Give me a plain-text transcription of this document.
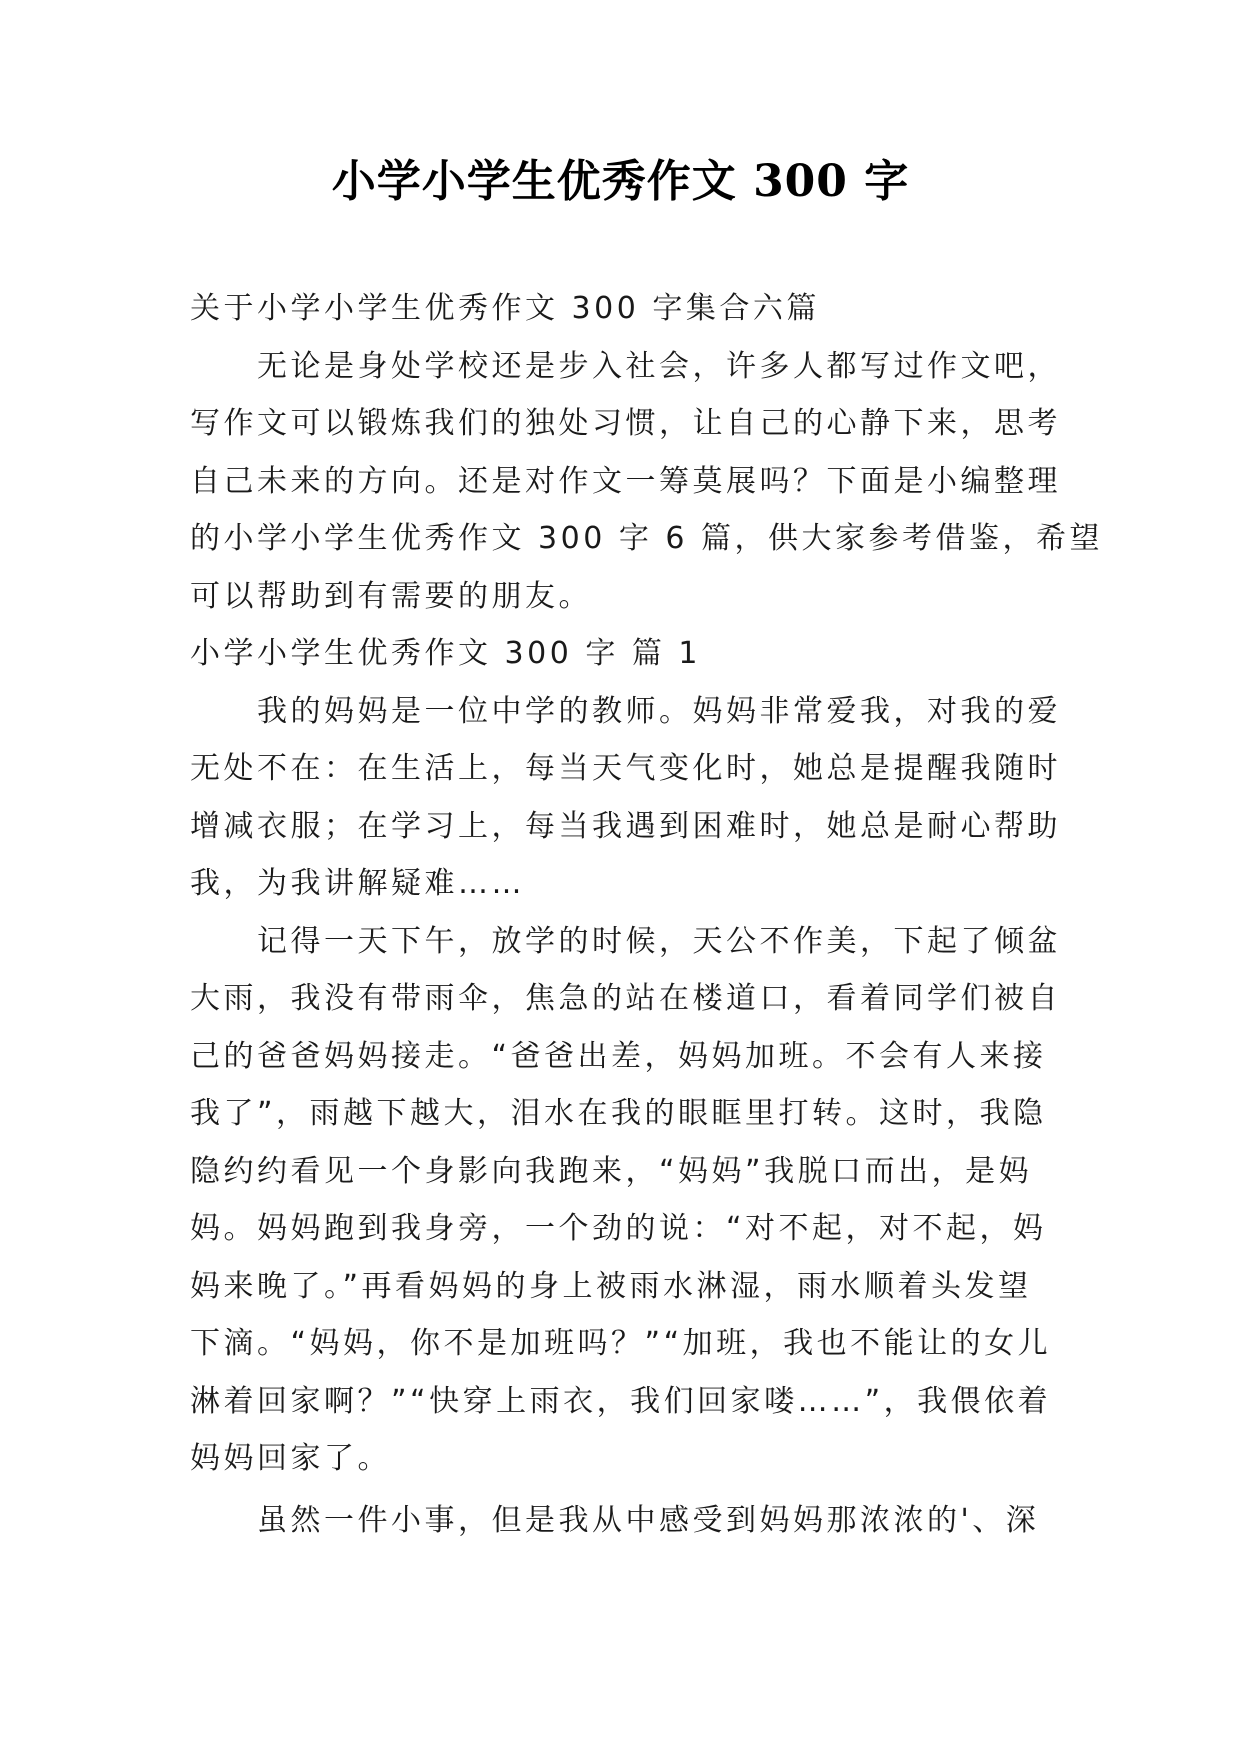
小学小学生优秀作文 300 字
关于小学小学生优秀作文 300 字集合六篇
　　无论是身处学校还是步入社会，许多人都写过作文吧，
写作文可以锻炼我们的独处习惯，让自己的心静下来，思考
自己未来的方向。还是对作文一筹莫展吗？下面是小编整理
的小学小学生优秀作文 300 字 6 篇，供大家参考借鉴，希望
可以帮助到有需要的朋友。
小学小学生优秀作文 300 字 篇 1
　　我的妈妈是一位中学的教师。妈妈非常爱我，对我的爱
无处不在：在生活上，每当天气变化时，她总是提醒我随时
增减衣服；在学习上，每当我遇到困难时，她总是耐心帮助
我，为我讲解疑难……
　　记得一天下午，放学的时候，天公不作美，下起了倾盆
大雨，我没有带雨伞，焦急的站在楼道口，看着同学们被自
己的爸爸妈妈接走。“爸爸出差，妈妈加班。不会有人来接
我了”，雨越下越大，泪水在我的眼眶里打转。这时，我隐
隐约约看见一个身影向我跑来，“妈妈”我脱口而出，是妈
妈。妈妈跑到我身旁，一个劲的说：“对不起，对不起，妈
妈来晚了。”再看妈妈的身上被雨水淋湿，雨水顺着头发望
下滴。“妈妈，你不是加班吗？”“加班，我也不能让的女儿
淋着回家啊？”“快穿上雨衣，我们回家喽……”，我偎依着
妈妈回家了。
　　虽然一件小事，但是我从中感受到妈妈那浓浓的'、深
